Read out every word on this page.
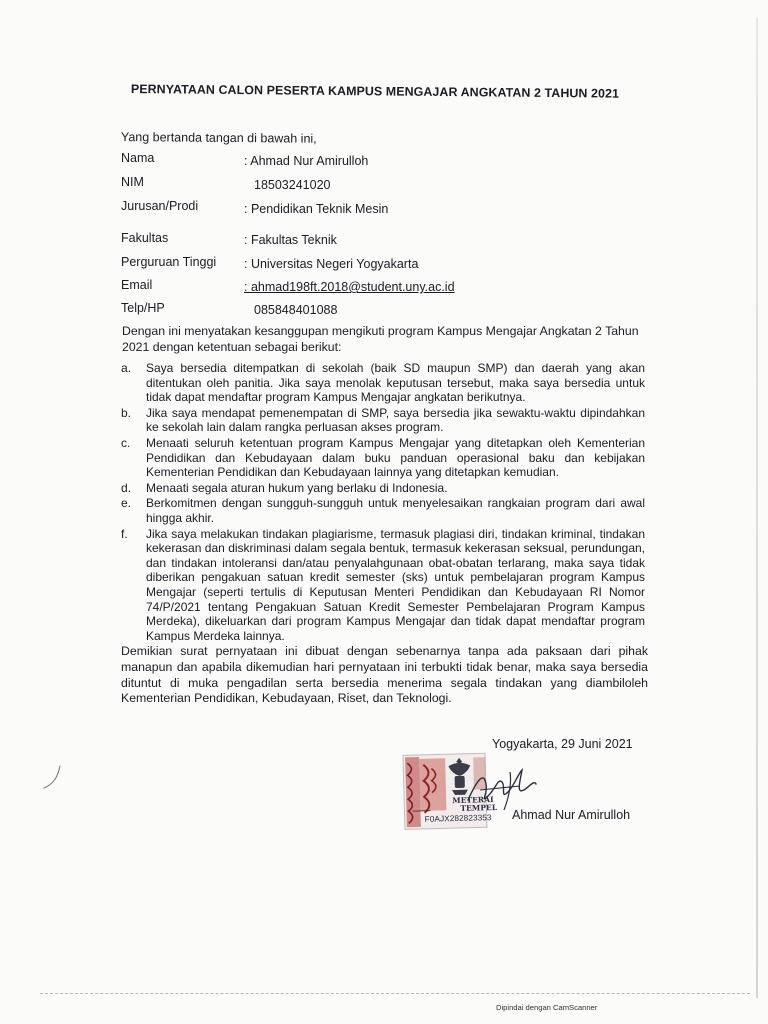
PERNYATAAN CALON PESERTA KAMPUS MENGAJAR ANGKATAN 2 TAHUN 2021
Yang bertanda tangan di bawah ini,
Nama	: Ahmad Nur Amirulloh
NIM	18503241020
Jurusan/Prodi	: Pendidikan Teknik Mesin
Fakultas	: Fakultas Teknik
Perguruan Tinggi : Universitas Negeri Yogyakarta
Email	: ahmad198ft.2018@student.uny.ac.id
Telp/HP	085848401088

Dengan ini menyatakan kesanggupan mengikuti program Kampus Mengajar Angkatan 2 Tahun 2021 dengan ketentuan sebagai berikut:

a.	Saya bersedia ditempatkan di sekolah (baik SD maupun SMP) dan daerah yang akan ditentukan oleh panitia. Jika saya menolak keputusan tersebut, maka saya bersedia untuk tidak dapat mendaftar program Kampus Mengajar angkatan berikutnya.
b.	Jika saya mendapat pemenempatan di SMP, saya bersedia jika sewaktu-waktu dipindahkan ke sekolah lain dalam rangka perluasan akses program.
c.	Menaati seluruh ketentuan program Kampus Mengajar yang ditetapkan oleh Kementerian Pendidikan dan Kebudayaan dalam buku panduan operasional baku dan kebijakan Kementerian Pendidikan dan Kebudayaan lainnya yang ditetapkan kemudian.
d.	Menaati segala aturan hukum yang berlaku di Indonesia.
e.	Berkomitmen dengan sungguh-sungguh untuk menyelesaikan rangkaian program dari awal hingga akhir.
f.	Jika saya melakukan tindakan plagiarisme, termasuk plagiasi diri, tindakan kriminal, tindakan kekerasan dan diskriminasi dalam segala bentuk, termasuk kekerasan seksual, perundungan, dan tindakan intoleransi dan/atau penyalahgunaan obat-obatan terlarang, maka saya tidak diberikan pengakuan satuan kredit semester (sks) untuk pembelajaran program Kampus Mengajar (seperti tertulis di Keputusan Menteri Pendidikan dan Kebudayaan RI Nomor 74/P/2021 tentang Pengakuan Satuan Kredit Semester Pembelajaran Program Kampus Merdeka), dikeluarkan dari program Kampus Mengajar dan tidak dapat mendaftar program Kampus Merdeka lainnya.

Demikian surat pernyataan ini dibuat dengan sebenarnya tanpa ada paksaan dari pihak manapun dan apabila dikemudian hari pernyataan ini terbukti tidak benar, maka saya bersedia dituntut di muka pengadilan serta bersedia menerima segala tindakan yang diambiloleh Kementerian Pendidikan, Kebudayaan, Riset, dan Teknologi.

Yogyakarta, 29 Juni 2021
METERAI
TEMPEL
F0AJX282823353 Ahmad Nur Amirulloh
Dipindai dengan CamScanner
